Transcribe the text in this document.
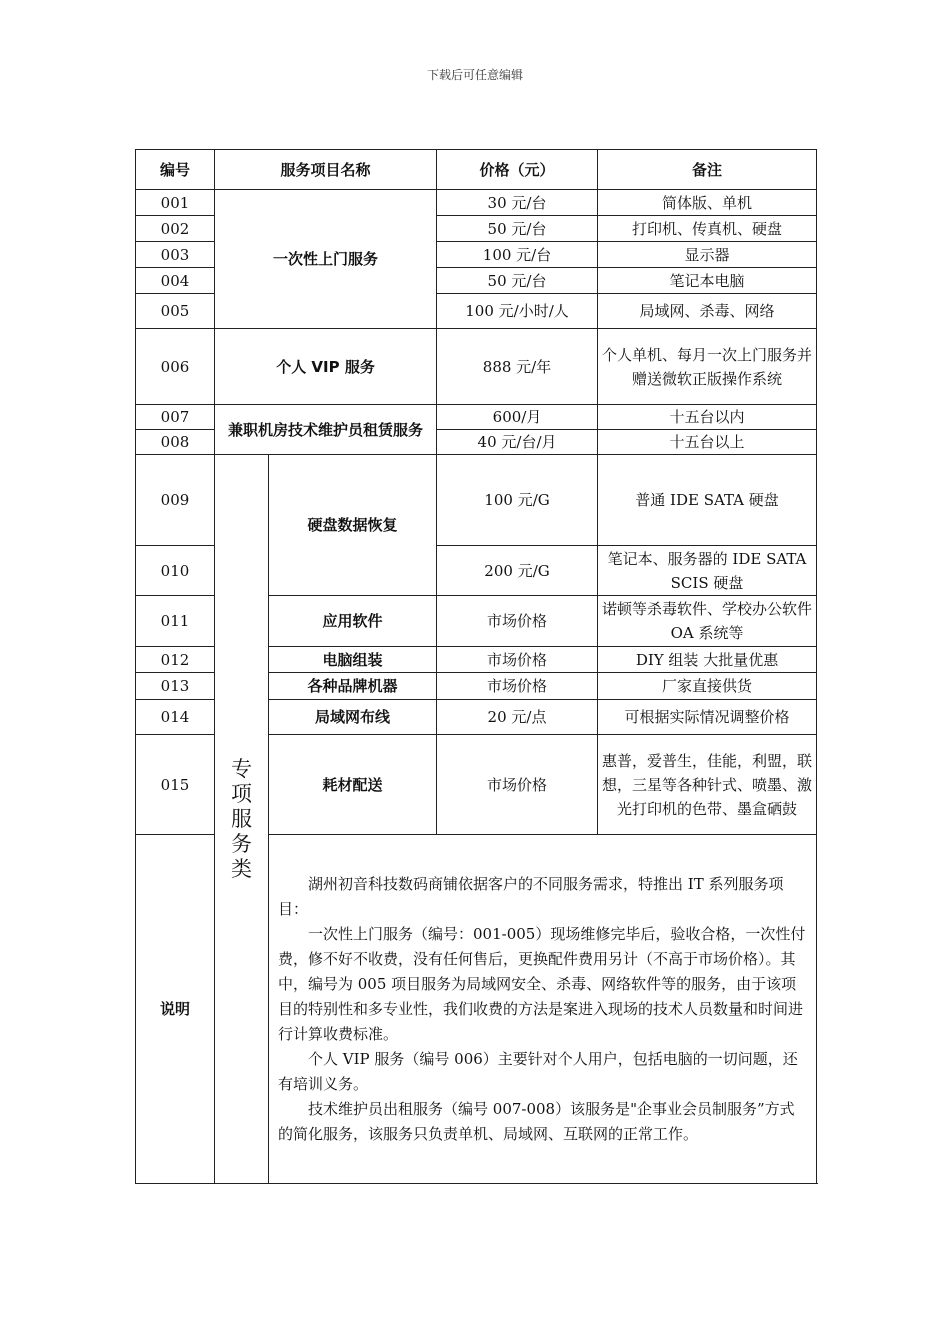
下载后可任意编辑
编号	服务项目名称		价格（元）	备注
001	一次性上门服务		30 元/台	简体版、单机
002			50 元/台	打印机、传真机、硬盘
003			100 元/台	显示器
004			50 元/台	笔记本电脑
005			100 元/小时/人	局域网、杀毒、网络
006	个人 VIP 服务		888 元/年	个人单机、每月一次上门服务并赠送微软正版操作系统
007	兼职机房技术维护员租赁服务		600/月	十五台以内
008			40 元/台/月	十五台以上
009	专项服务类	硬盘数据恢复	100 元/G	普通 IDE SATA 硬盘
010			200 元/G	笔记本、服务器的 IDE SATA SCIS 硬盘
011		应用软件	市场价格	诺顿等杀毒软件、学校办公软件 OA 系统等
012		电脑组装	市场价格	DIY 组装 大批量优惠
013		各种品牌机器	市场价格	厂家直接供货
014		局域网布线	20 元/点	可根据实际情况调整价格
015		耗材配送	市场价格	惠普，爱普生，佳能，利盟，联想，三星等各种针式、喷墨、激光打印机的色带、墨盒硒鼓
说明		湖州初音科技数码商铺依据客户的不同服务需求，特推出 IT 系列服务项目：

一次性上门服务（编号：001-005）现场维修完毕后，验收合格，一次性付费，修不好不收费，没有任何售后，更换配件费用另计（不高于市场价格）。其中，编号为 005 项目服务为局域网安全、杀毒、网络软件等的服务，由于该项目的特别性和多专业性，我们收费的方法是案进入现场的技术人员数量和时间进行计算收费标准。

个人 VIP 服务（编号 006）主要针对个人用户，包括电脑的一切问题，还有培训义务。

技术维护员出租服务（编号 007-008）该服务是"企事业会员制服务”方式的简化服务，该服务只负责单机、局域网、互联网的正常工作。		
